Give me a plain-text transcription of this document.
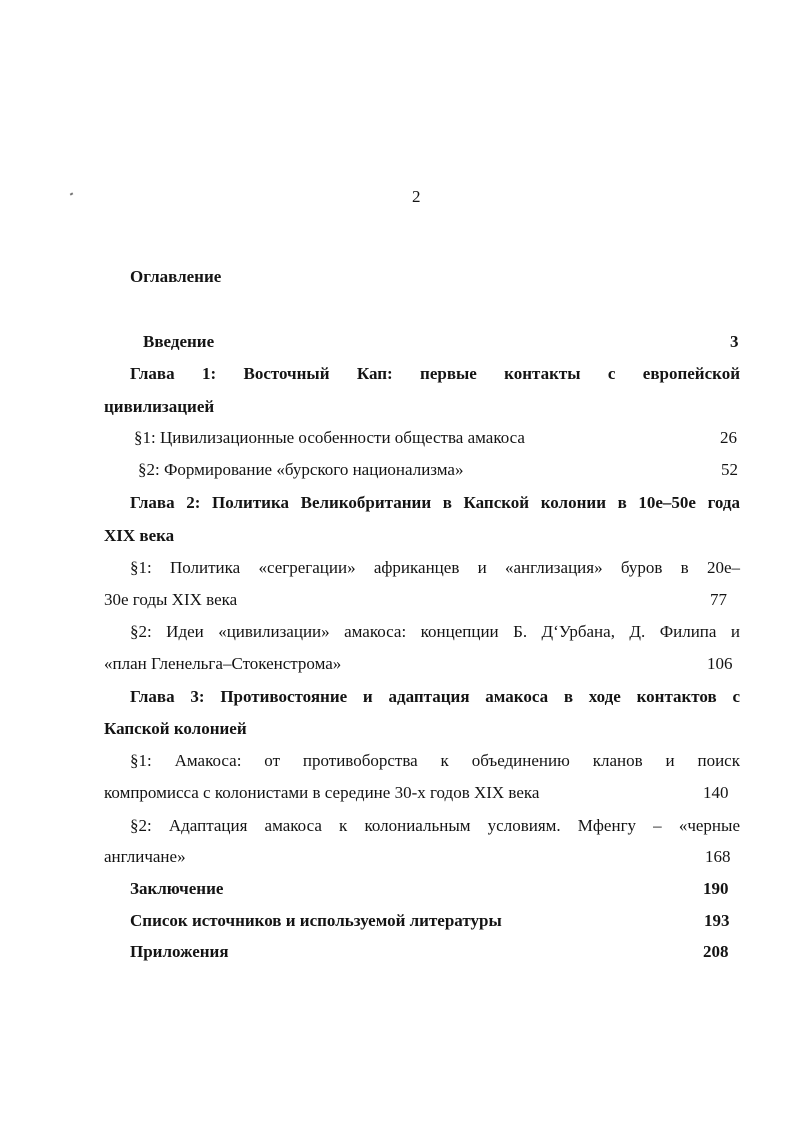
2
Оглавление
Введение	3
Глава 1: Восточный Кап: первые контакты с европейской
цивилизацией
§1: Цивилизационные особенности общества амакоса	26
§2: Формирование «бурского национализма»	52
Глава 2: Политика Великобритании в Капской колонии в 10е–50е года
XIX века
§1: Политика «сегрегации» африканцев и «англизация» буров в 20е–
30е годы XIX века	77
§2: Идеи «цивилизации» амакоса: концепции Б. Д‘Урбана, Д. Филипа и
«план Гленельга–Стокенстрома»	106
Глава 3: Противостояние и адаптация амакоса в ходе контактов с
Капской колонией
§1: Амакоса: от противоборства к объединению кланов и поиск
компромисса с колонистами в середине 30-х годов XIX века	140
§2: Адаптация амакоса к колониальным условиям. Мфенгу – «черные
англичане»	168
Заключение	190
Список источников и используемой литературы	193
Приложения	208
